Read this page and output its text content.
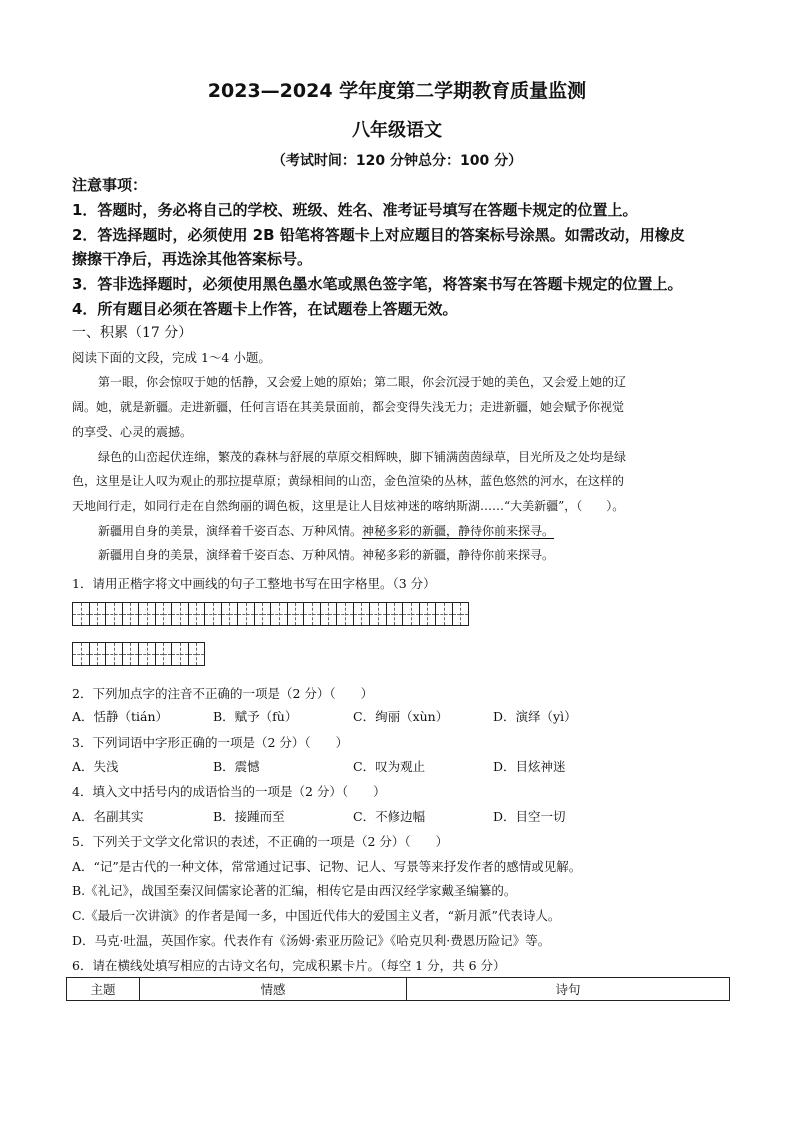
2023—2024 学年度第二学期教育质量监测
八年级语文
（考试时间：120 分钟总分：100 分）
注意事项：
1．答题时，务必将自己的学校、班级、姓名、准考证号填写在答题卡规定的位置上。
2．答选择题时，必须使用 2B 铅笔将答题卡上对应题目的答案标号涂黑。如需改动，用橡皮
擦擦干净后，再选涂其他答案标号。
3．答非选择题时，必须使用黑色墨水笔或黑色签字笔，将答案书写在答题卡规定的位置上。
4．所有题目必须在答题卡上作答，在试题卷上答题无效。
一、积累（17 分）
阅读下面的文段，完成 1～4 小题。
第一眼，你会惊叹于她的恬静，又会爱上她的原始；第二眼，你会沉浸于她的美色，又会爱上她的辽
阔。她，就是新疆。走进新疆，任何言语在其美景面前，都会变得失浅无力；走进新疆，她会赋予你视觉
的享受、心灵的震撼。
绿色的山峦起伏连绵，繁茂的森林与舒展的草原交相辉映，脚下铺满茵茵绿草，目光所及之处均是绿
色，这里是让人叹为观止的那拉提草原；黄绿相间的山峦，金色渲染的丛林，蓝色悠然的河水，在这样的
天地间行走，如同行走在自然绚丽的调色板，这里是让人目炫神迷的喀纳斯湖……“大美新疆”，（　　）。
新疆用自身的美景，演绎着千姿百态、万种风情。神秘多彩的新疆，静待你前来探寻。
新疆用自身的美景，演绎着千姿百态、万种风情。神秘多彩的新疆，静待你前来探寻。
1．请用正楷字将文中画线的句子工整地书写在田字格里。（3 分）
2．下列加点字的注音不正确的一项是（2 分）（　　）
A．恬静（tián）	B．赋予（fù）	C．绚丽（xùn）	D．演绎（yì）
3．下列词语中字形正确的一项是（2 分）（　　）
A．失浅	B．震憾	C．叹为观止	D．目炫神迷
4．填入文中括号内的成语恰当的一项是（2 分）（　　）
A．名副其实	B．接踵而至	C．不修边幅	D．目空一切
5．下列关于文学文化常识的表述，不正确的一项是（2 分）（　　）
A．“记”是古代的一种文体，常常通过记事、记物、记人、写景等来抒发作者的感情或见解。
B.《礼记》，战国至秦汉间儒家论著的汇编，相传它是由西汉经学家戴圣编纂的。
C.《最后一次讲演》的作者是闻一多，中国近代伟大的爱国主义者，“新月派”代表诗人。
D．马克·吐温，英国作家。代表作有《汤姆·索亚历险记》《哈克贝利·费恩历险记》等。
6．请在横线处填写相应的古诗文名句，完成积累卡片。（每空 1 分，共 6 分）
主题	情感	诗句
